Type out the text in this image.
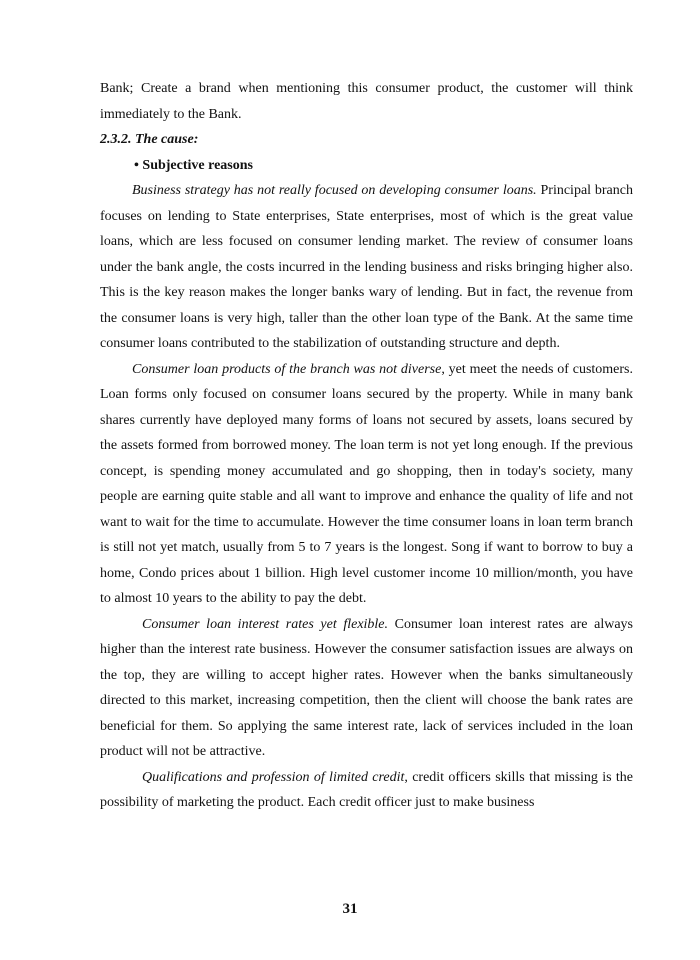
Bank; Create a brand when mentioning this consumer product, the customer will think immediately to the Bank.

2.3.2. The cause:

• Subjective reasons

Business strategy has not really focused on developing consumer loans. Principal branch focuses on lending to State enterprises, State enterprises, most of which is the great value loans, which are less focused on consumer lending market. The review of consumer loans under the bank angle, the costs incurred in the lending business and risks bringing higher also. This is the key reason makes the longer banks wary of lending. But in fact, the revenue from the consumer loans is very high, taller than the other loan type of the Bank. At the same time consumer loans contributed to the stabilization of outstanding structure and depth.

Consumer loan products of the branch was not diverse, yet meet the needs of customers. Loan forms only focused on consumer loans secured by the property. While in many bank shares currently have deployed many forms of loans not secured by assets, loans secured by the assets formed from borrowed money. The loan term is not yet long enough. If the previous concept, is spending money accumulated and go shopping, then in today's society, many people are earning quite stable and all want to improve and enhance the quality of life and not want to wait for the time to accumulate. However the time consumer loans in loan term branch is still not yet match, usually from 5 to 7 years is the longest. Song if want to borrow to buy a home, Condo prices about 1 billion. High level customer income 10 million/month, you have to almost 10 years to the ability to pay the debt.

Consumer loan interest rates yet flexible. Consumer loan interest rates are always higher than the interest rate business. However the consumer satisfaction issues are always on the top, they are willing to accept higher rates. However when the banks simultaneously directed to this market, increasing competition, then the client will choose the bank rates are beneficial for them. So applying the same interest rate, lack of services included in the loan product will not be attractive.

Qualifications and profession of limited credit, credit officers skills that missing is the possibility of marketing the product. Each credit officer just to make business

31
